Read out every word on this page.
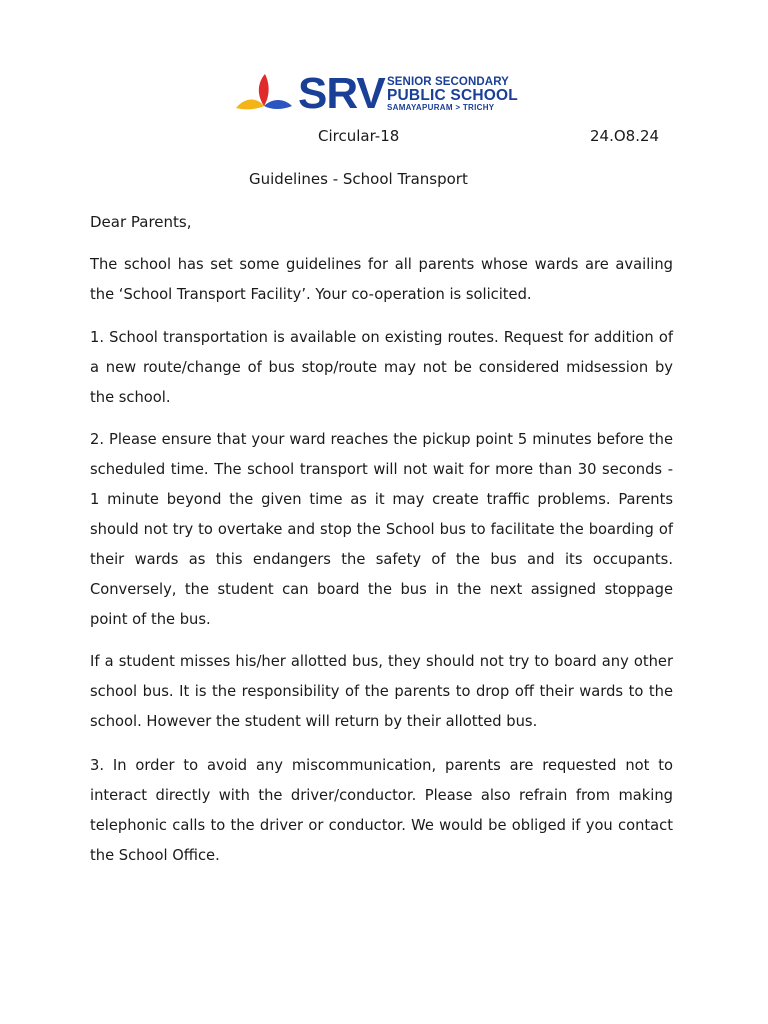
SRV SENIOR SECONDARY
PUBLIC SCHOOL
SAMAYAPURAM > TRICHY
Circular-18	24.O8.24
Guidelines - School Transport
Dear Parents,

The school has set some guidelines for all parents whose wards are availing the ‘School Transport Facility’. Your co-operation is solicited.

1. School transportation is available on existing routes. Request for addition of a new route/change of bus stop/route may not be considered midsession by the school.

2. Please ensure that your ward reaches the pickup point 5 minutes before the scheduled time. The school transport will not wait for more than 30 seconds - 1 minute beyond the given time as it may create traffic problems. Parents should not try to overtake and stop the School bus to facilitate the boarding of their wards as this endangers the safety of the bus and its occupants. Conversely, the student can board the bus in the next assigned stoppage point of the bus.

If a student misses his/her allotted bus, they should not try to board any other school bus. It is the responsibility of the parents to drop off their wards to the school. However the student will return by their allotted bus.

3. In order to avoid any miscommunication, parents are requested not to interact directly with the driver/conductor. Please also refrain from making telephonic calls to the driver or conductor. We would be obliged if you contact the School Office.
